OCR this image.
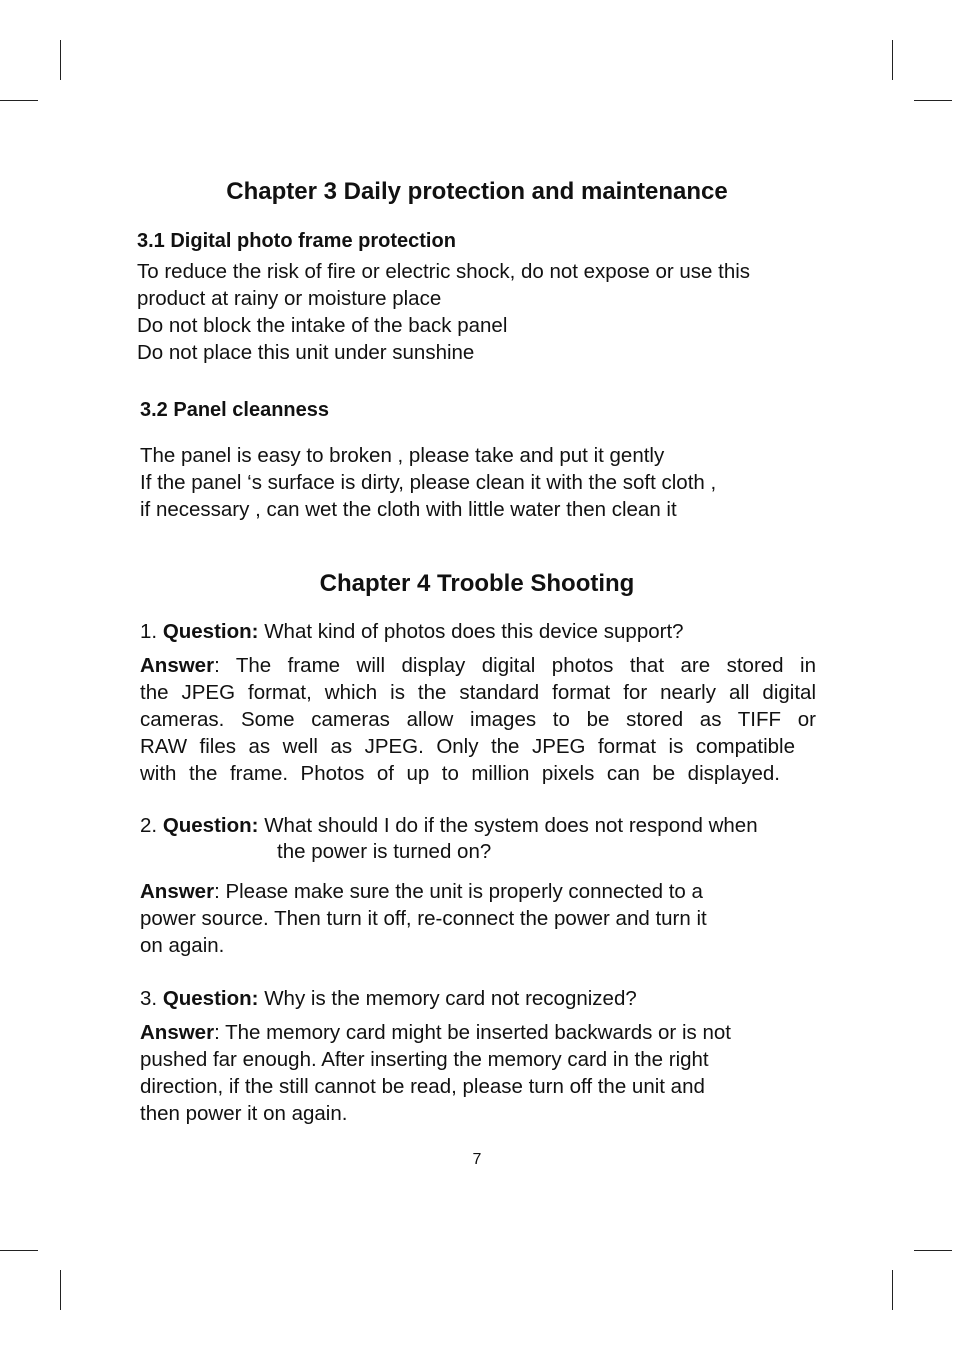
Chapter 3 Daily protection and maintenance
3.1 Digital photo frame protection
To reduce the risk of fire or electric shock, do not expose or use this
product at rainy or moisture place
Do not block the intake of the back panel
Do not place this unit under sunshine
3.2 Panel cleanness
The panel is easy to broken , please take and put it gently
If the panel ‘s surface is dirty, please clean it with the soft cloth ,
if necessary , can wet the cloth with little water then clean it
Chapter 4 Trooble Shooting
1. Question: What kind of photos does this device support?
Answer: The frame will display digital photos that are stored in
the JPEG format, which is the standard format for nearly all digital
cameras. Some cameras allow images to be stored as TIFF or
RAW files as well as JPEG. Only the JPEG format is compatible
with the frame. Photos of up to million pixels can be displayed.
2. Question: What should I do if the system does not respond when
the power is turned on?
Answer: Please make sure the unit is properly connected to a
power source. Then turn it off, re-connect the power and turn it
on again.
3. Question: Why is the memory card not recognized?
Answer: The memory card might be inserted backwards or is not
pushed far enough. After inserting the memory card in the right
direction, if the still cannot be read, please turn off the unit and
then power it on again.
7
